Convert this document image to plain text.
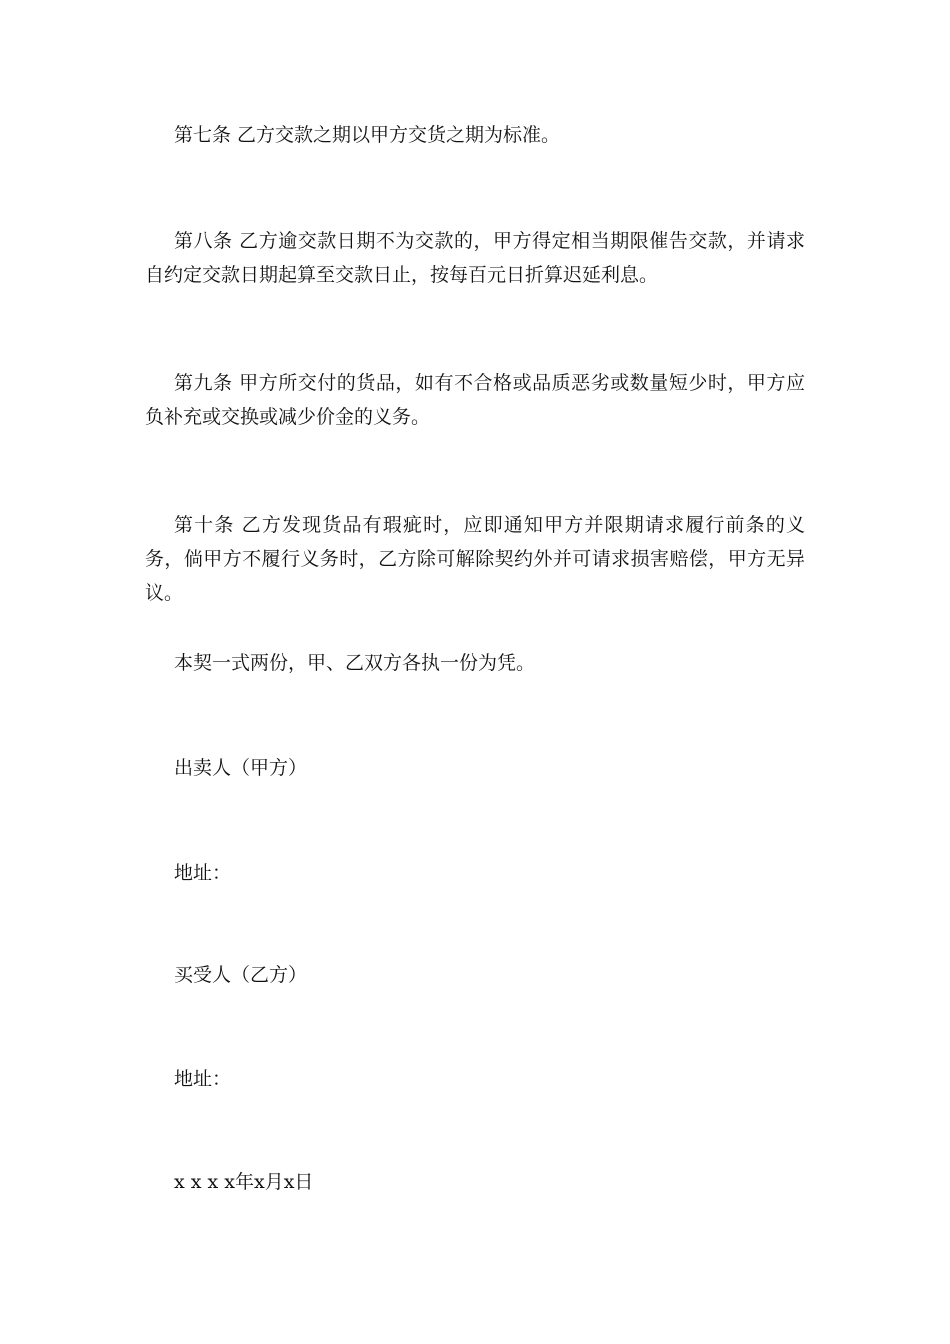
第七条 乙方交款之期以甲方交货之期为标准。

第八条 乙方逾交款日期不为交款的，甲方得定相当期限催告交款，并请求自约定交款日期起算至交款日止，按每百元日折算迟延利息。

第九条 甲方所交付的货品，如有不合格或品质恶劣或数量短少时，甲方应负补充或交换或减少价金的义务。

第十条 乙方发现货品有瑕疵时，应即通知甲方并限期请求履行前条的义务，倘甲方不履行义务时，乙方除可解除契约外并可请求损害赔偿，甲方无异议。

本契一式两份，甲、乙双方各执一份为凭。

出卖人（甲方）

地址：

买受人（乙方）

地址：

x x x x年x月x日
